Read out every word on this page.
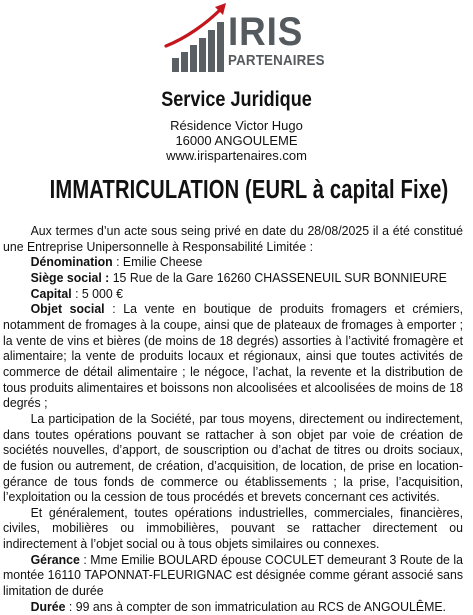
IRIS
PARTENAIRES
Service Juridique
Résidence Victor Hugo
16000 ANGOULEME
www.irispartenaires.com
IMMATRICULATION (EURL à capital Fixe)

Aux termes d’un acte sous seing privé en date du 28/08/2025 il a été constitué une Entreprise Unipersonnelle à Responsabilité Limitée :

Dénomination : Emilie Cheese

Siège social : 15 Rue de la Gare 16260 CHASSENEUIL SUR BONNIEURE

Capital : 5 000 €

Objet social : La vente en boutique de produits fromagers et crémiers, notamment de fromages à la coupe, ainsi que de plateaux de fromages à emporter ; la vente de vins et bières (de moins de 18 degrés) assorties à l’activité fromagère et alimentaire; la vente de produits locaux et régionaux, ainsi que toutes activités de commerce de détail alimentaire ; le négoce, l’achat, la revente et la distribution de tous produits alimentaires et boissons non alcoolisées et alcoolisées de moins de 18 degrés ;

La participation de la Société, par tous moyens, directement ou indirectement, dans toutes opérations pouvant se rattacher à son objet par voie de création de sociétés nouvelles, d’apport, de souscription ou d’achat de titres ou droits sociaux, de fusion ou autrement, de création, d’acquisition, de location, de prise en location-gérance de tous fonds de commerce ou établissements ; la prise, l’acquisition, l’exploitation ou la cession de tous procédés et brevets concernant ces activités.

Et généralement, toutes opérations industrielles, commerciales, financières, civiles, mobilières ou immobilières, pouvant se rattacher directement ou indirectement à l’objet social ou à tous objets similaires ou connexes.

Gérance : Mme Emilie BOULARD épouse COCULET demeurant 3 Route de la montée 16110 TAPONNAT-FLEURIGNAC est désignée comme gérant associé sans limitation de durée

Durée : 99 ans à compter de son immatriculation au RCS de ANGOULÊME.
